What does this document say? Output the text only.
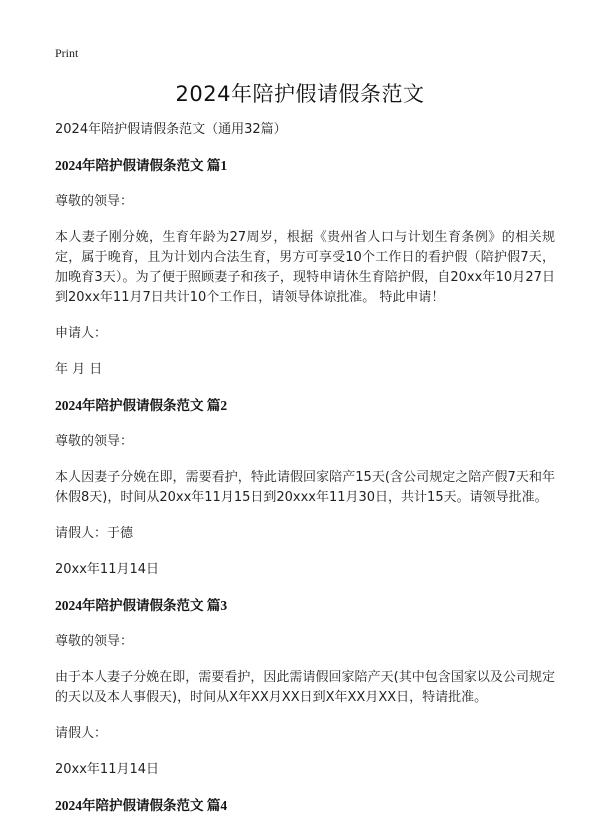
Print
2024年陪护假请假条范文

2024年陪护假请假条范文（通用32篇）

2024年陪护假请假条范文 篇1

尊敬的领导：

本人妻子刚分娩，生育年龄为27周岁，根据《贵州省人口与计划生育条例》的相关规定，属于晚育，且为计划内合法生育，男方可享受10个工作日的看护假（陪护假7天，加晚育3天）。为了便于照顾妻子和孩子，现特申请休生育陪护假，自20xx年10月27日到20xx年11月7日共计10个工作日，请领导体谅批准。 特此申请！

申请人：

年 月 日

2024年陪护假请假条范文 篇2

尊敬的领导：

本人因妻子分娩在即，需要看护，特此请假回家陪产15天(含公司规定之陪产假7天和年休假8天)，时间从20xx年11月15日到20xxx年11月30日，共计15天。请领导批准。

请假人：于德

20xx年11月14日

2024年陪护假请假条范文 篇3

尊敬的领导：

由于本人妻子分娩在即，需要看护，因此需请假回家陪产天(其中包含国家以及公司规定的天以及本人事假天)，时间从X年XX月XX日到X年XX月XX日，特请批准。

请假人：

20xx年11月14日

2024年陪护假请假条范文 篇4
